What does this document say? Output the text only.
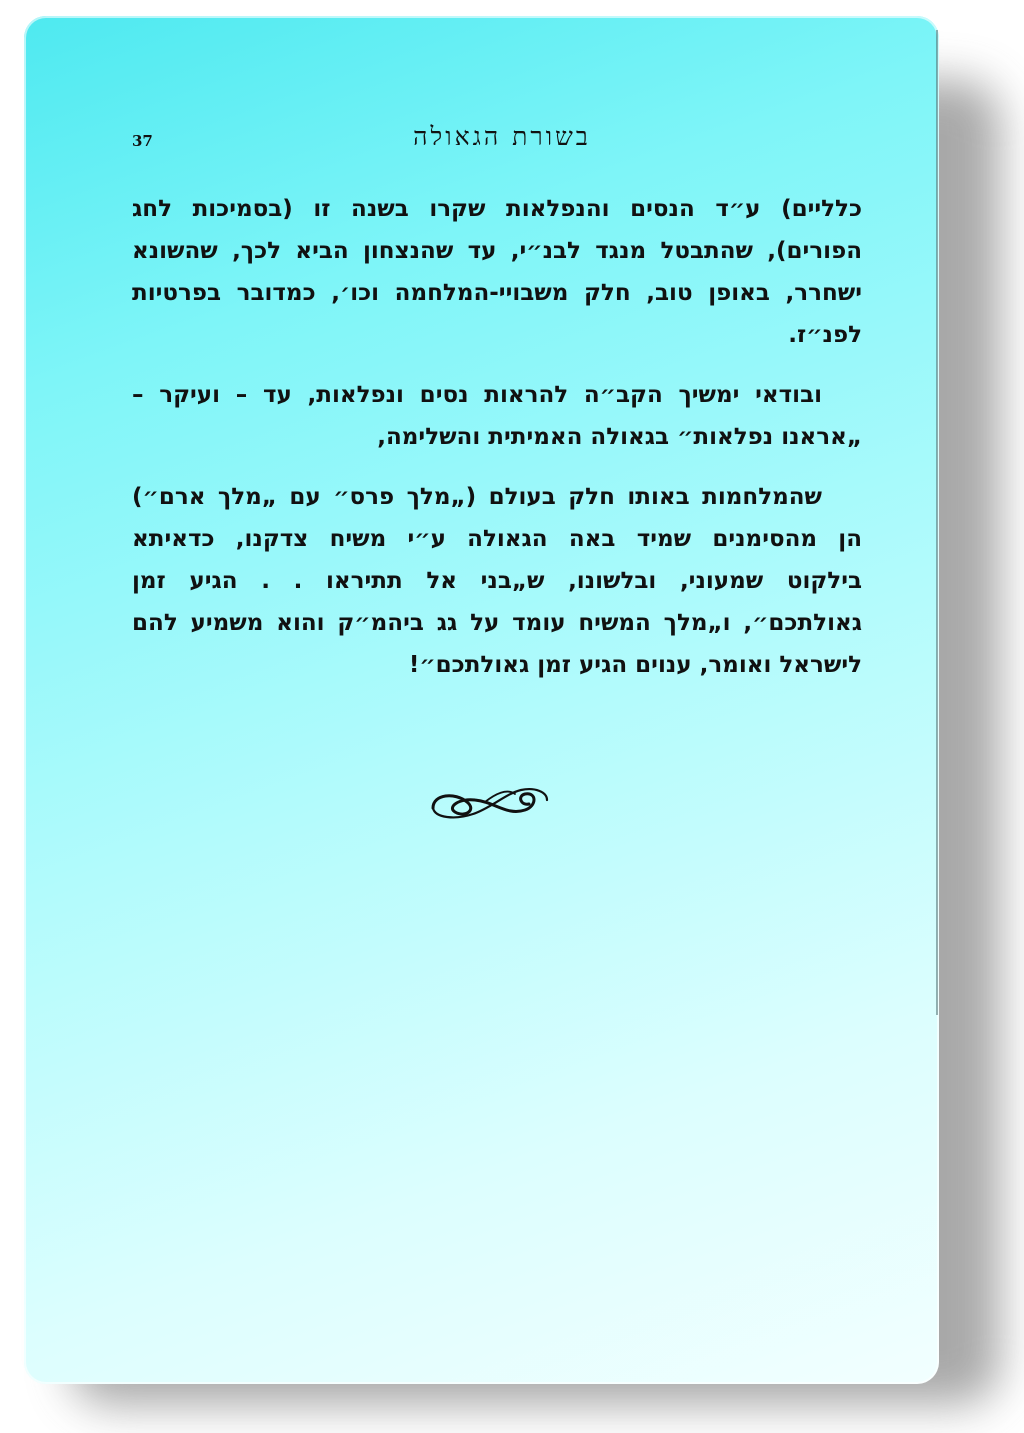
37	בשורת הגאולה
כלליים) ע״ד הנסים והנפלאות שקרו בשנה זו (בסמיכות לחג
הפורים), שהתבטל מנגד לבנ״י, עד שהנצחון הביא לכך, שהשונא
ישחרר, באופן טוב, חלק משבויי-המלחמה וכו׳, כמדובר בפרטיות
לפנ״ז.
ובודאי ימשיך הקב״ה להראות נסים ונפלאות, עד – ועיקר –
„אראנו נפלאות״ בגאולה האמיתית והשלימה,
שהמלחמות באותו חלק בעולם („מלך פרס״ עם „מלך ארם״)
הן מהסימנים שמיד באה הגאולה ע״י משיח צדקנו, כדאיתא
בילקוט שמעוני, ובלשונו, ש„בני אל תתיראו . . הגיע זמן
גאולתכם״, ו„מלך המשיח עומד על גג ביהמ״ק והוא משמיע להם
לישראל ואומר, ענוים הגיע זמן גאולתכם״!
